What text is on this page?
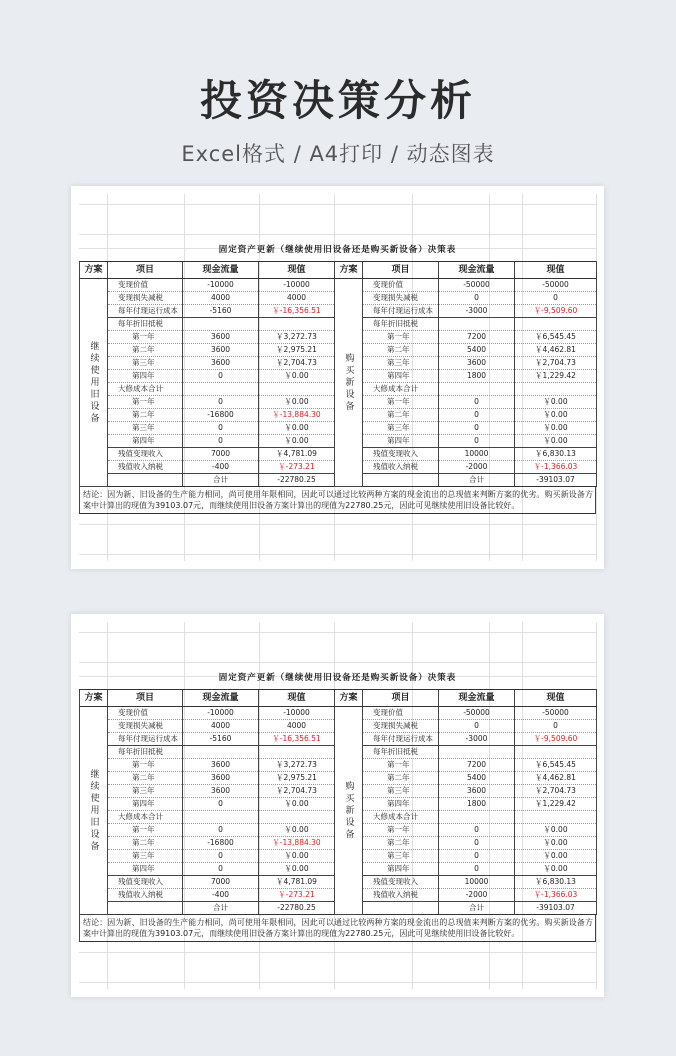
投资决策分析
Excel格式 / A4打印 / 动态图表
固定资产更新（继续使用旧设备还是购买新设备）决策表
方案	项目	现金流量	现值	方案	项目	现金流量	现值
继续使用旧设备	变现价值	-10000	-10000	购买新设备	变现价值	-50000	-50000
	变现损失减税	4000	4000		变现损失减税	0	0
	每年付现运行成本	-5160	￥-16,356.51		每年付现运行成本	-3000	￥-9,509.60
	每年折旧抵税				每年折旧抵税		
	第一年	3600	￥3,272.73		第一年	7200	￥6,545.45
	第二年	3600	￥2,975.21		第二年	5400	￥4,462.81
	第三年	3600	￥2,704.73		第三年	3600	￥2,704.73
	第四年	0	￥0.00		第四年	1800	￥1,229.42
	大修成本合计				大修成本合计		
	第一年	0	￥0.00		第一年	0	￥0.00
	第二年	-16800	￥-13,884.30		第二年	0	￥0.00
	第三年	0	￥0.00		第三年	0	￥0.00
	第四年	0	￥0.00		第四年	0	￥0.00
	残值变现收入	7000	￥4,781.09		残值变现收入	10000	￥6,830.13
	残值收入纳税	-400	￥-273.21		残值收入纳税	-2000	￥-1,366.03
		合计	-22780.25			合计	-39103.07
结论：因为新、旧设备的生产能力相同，尚可使用年限相同，因此可以通过比较两种方案的现金流出的总现值来判断方案的优劣。购买新设备方案中计算出的现值为39103.07元，而继续使用旧设备方案计算出的现值为22780.25元，因此可见继续使用旧设备比较好。
固定资产更新（继续使用旧设备还是购买新设备）决策表
方案	项目	现金流量	现值	方案	项目	现金流量	现值
继续使用旧设备	变现价值	-10000	-10000	购买新设备	变现价值	-50000	-50000
	变现损失减税	4000	4000		变现损失减税	0	0
	每年付现运行成本	-5160	￥-16,356.51		每年付现运行成本	-3000	￥-9,509.60
	每年折旧抵税				每年折旧抵税		
	第一年	3600	￥3,272.73		第一年	7200	￥6,545.45
	第二年	3600	￥2,975.21		第二年	5400	￥4,462.81
	第三年	3600	￥2,704.73		第三年	3600	￥2,704.73
	第四年	0	￥0.00		第四年	1800	￥1,229.42
	大修成本合计				大修成本合计		
	第一年	0	￥0.00		第一年	0	￥0.00
	第二年	-16800	￥-13,884.30		第二年	0	￥0.00
	第三年	0	￥0.00		第三年	0	￥0.00
	第四年	0	￥0.00		第四年	0	￥0.00
	残值变现收入	7000	￥4,781.09		残值变现收入	10000	￥6,830.13
	残值收入纳税	-400	￥-273.21		残值收入纳税	-2000	￥-1,366.03
		合计	-22780.25			合计	-39103.07
结论：因为新、旧设备的生产能力相同，尚可使用年限相同，因此可以通过比较两种方案的现金流出的总现值来判断方案的优劣。购买新设备方案中计算出的现值为39103.07元，而继续使用旧设备方案计算出的现值为22780.25元，因此可见继续使用旧设备比较好。
